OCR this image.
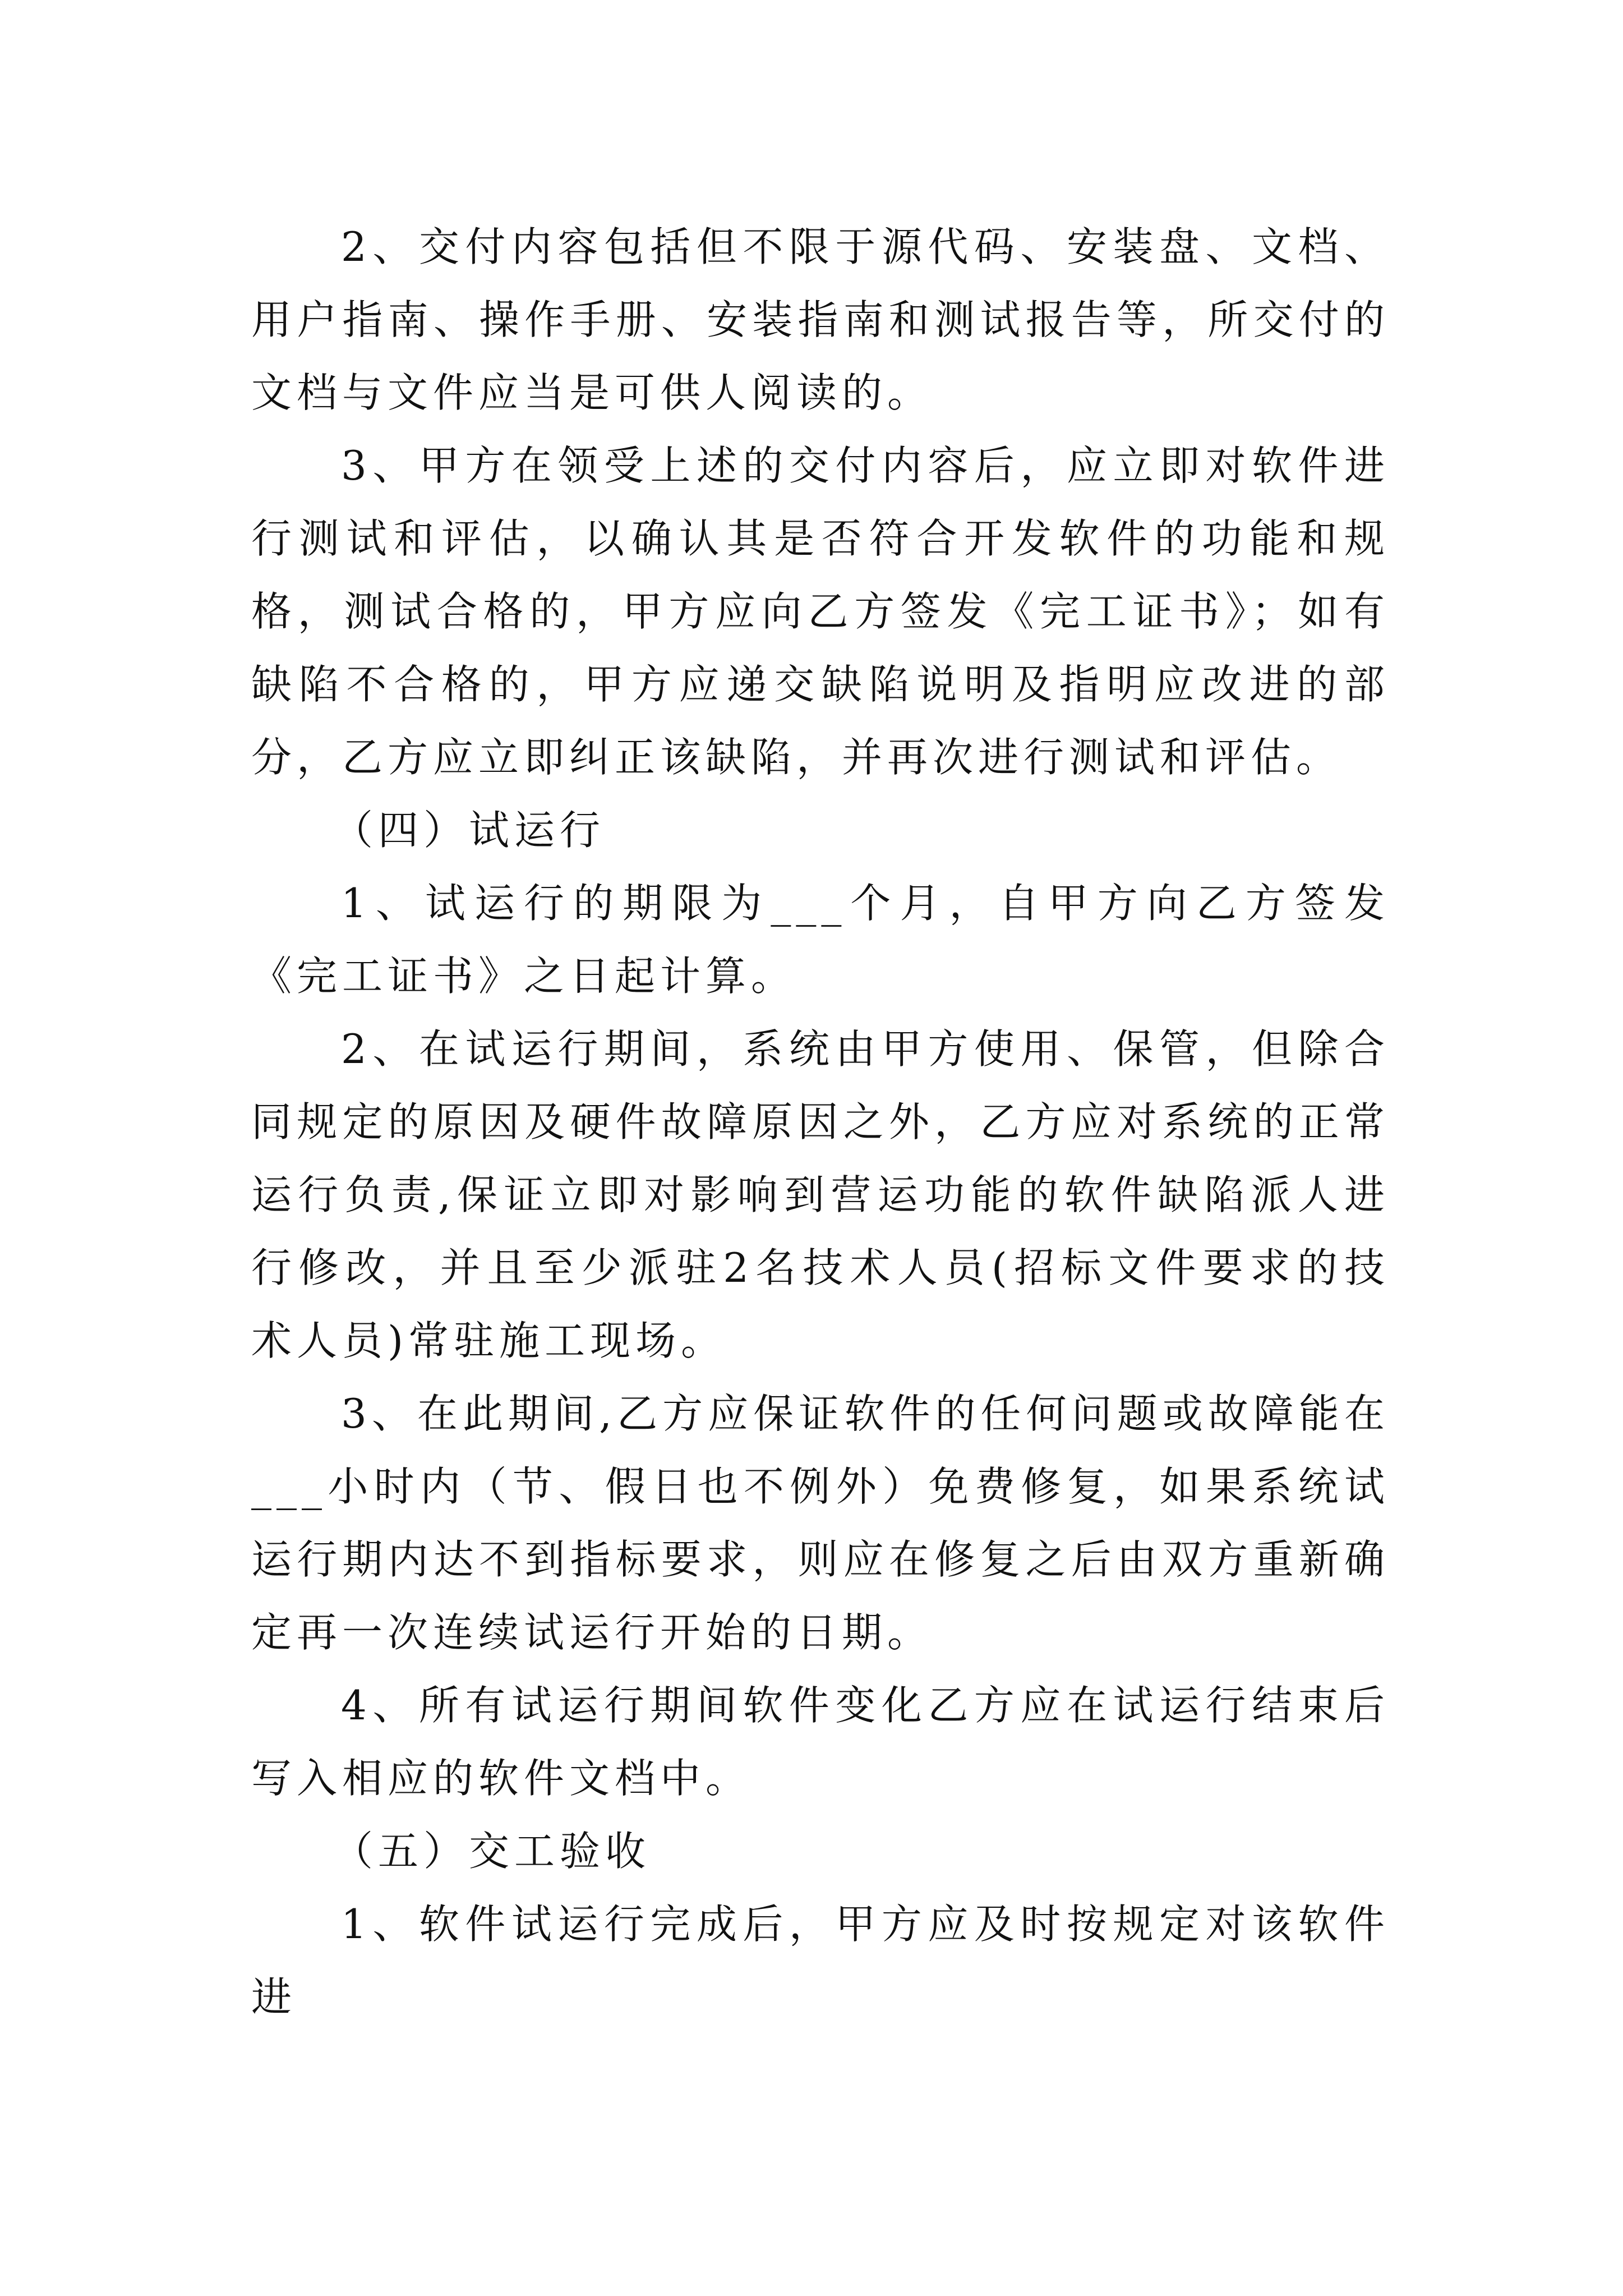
2、交付内容包括但不限于源代码、安装盘、文档、用户指南、操作手册、安装指南和测试报告等，所交付的文档与文件应当是可供人阅读的。

3、甲方在领受上述的交付内容后，应立即对软件进行测试和评估，以确认其是否符合开发软件的功能和规格，测试合格的，甲方应向乙方签发《完工证书》；如有缺陷不合格的，甲方应递交缺陷说明及指明应改进的部分，乙方应立即纠正该缺陷，并再次进行测试和评估。

（四）试运行

1、试运行的期限为___个月，自甲方向乙方签发《完工证书》之日起计算。

2、在试运行期间，系统由甲方使用、保管，但除合同规定的原因及硬件故障原因之外，乙方应对系统的正常运行负责,保证立即对影响到营运功能的软件缺陷派人进行修改，并且至少派驻2名技术人员(招标文件要求的技术人员)常驻施工现场。

3、在此期间,乙方应保证软件的任何问题或故障能在___小时内（节、假日也不例外）免费修复，如果系统试运行期内达不到指标要求，则应在修复之后由双方重新确定再一次连续试运行开始的日期。

4、所有试运行期间软件变化乙方应在试运行结束后写入相应的软件文档中。

（五）交工验收

1、软件试运行完成后，甲方应及时按规定对该软件进
